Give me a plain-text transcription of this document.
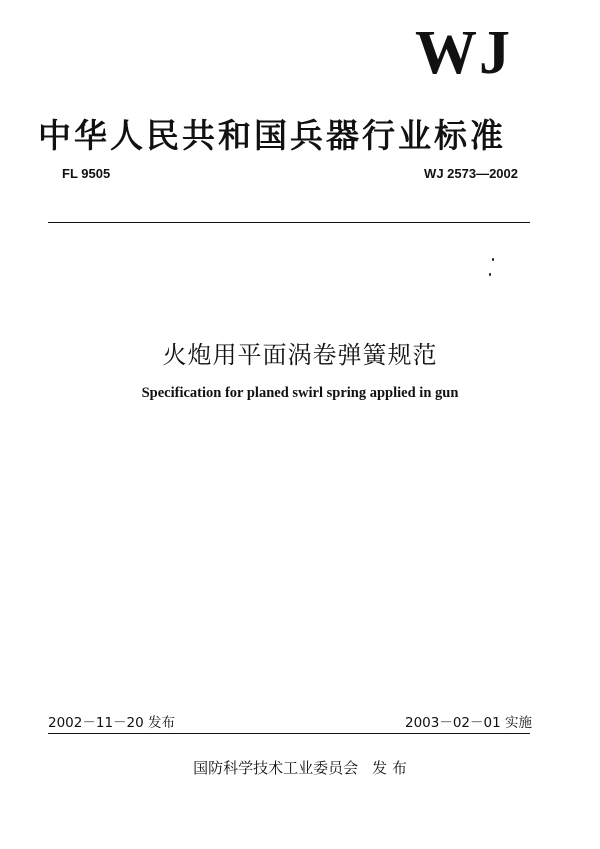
WJ
中华人民共和国兵器行业标准
FL 9505	WJ 2573—2002
火炮用平面涡卷弹簧规范
Specification for planed swirl spring applied in gun
2002－11－20 发布	2003－02－01 实施
国防科学技术工业委员会 发 布
